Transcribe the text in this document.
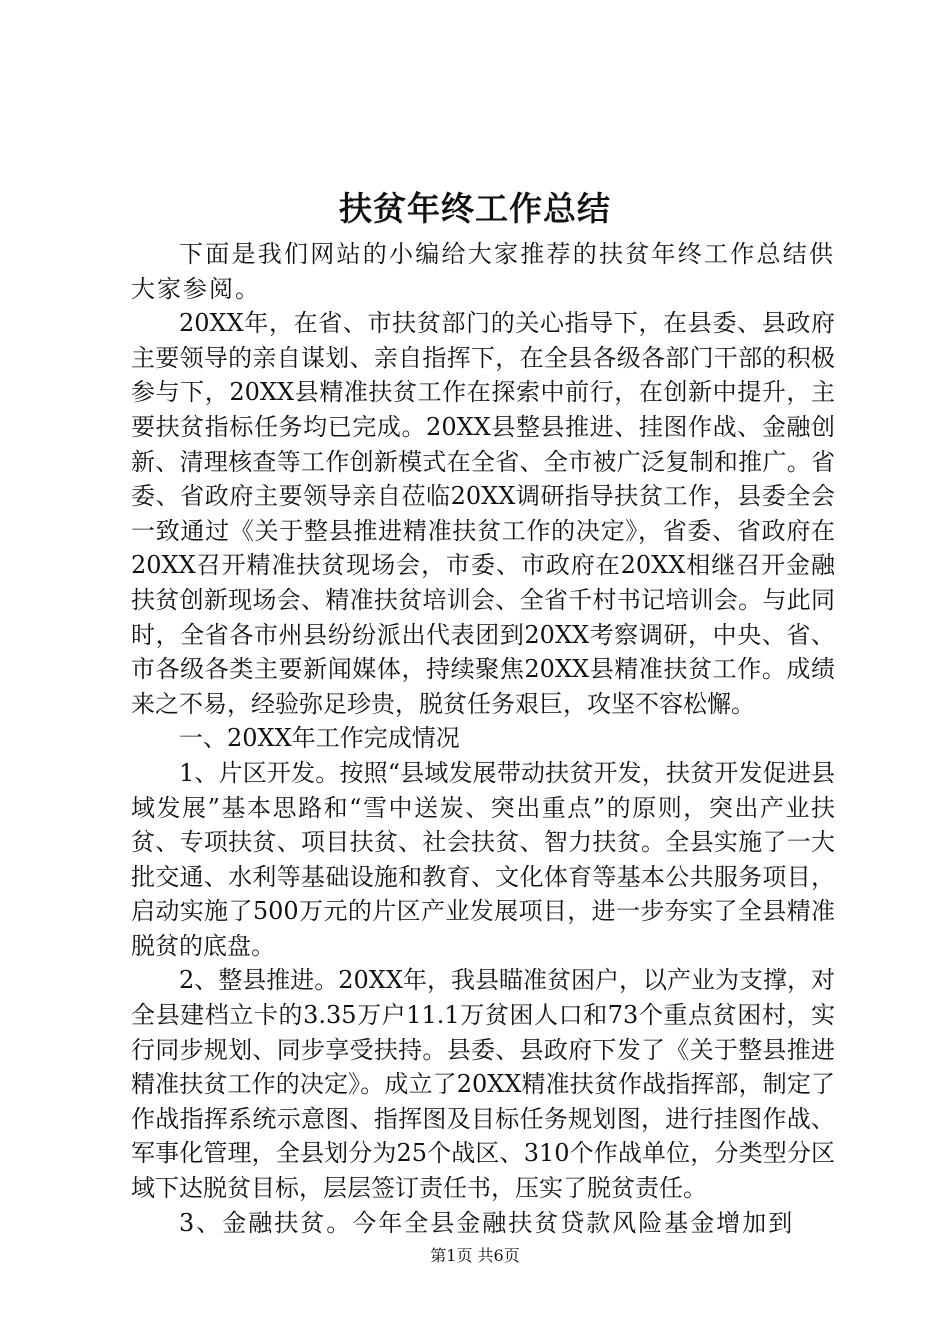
扶贫年终工作总结

下面是我们网站的小编给大家推荐的扶贫年终工作总结供大家参阅。

20XX年，在省、市扶贫部门的关心指导下，在县委、县政府主要领导的亲自谋划、亲自指挥下，在全县各级各部门干部的积极参与下，20XX县精准扶贫工作在探索中前行，在创新中提升，主要扶贫指标任务均已完成。20XX县整县推进、挂图作战、金融创新、清理核查等工作创新模式在全省、全市被广泛复制和推广。省委、省政府主要领导亲自莅临20XX调研指导扶贫工作，县委全会一致通过《关于整县推进精准扶贫工作的决定》，省委、省政府在20XX召开精准扶贫现场会，市委、市政府在20XX相继召开金融扶贫创新现场会、精准扶贫培训会、全省千村书记培训会。与此同时，全省各市州县纷纷派出代表团到20XX考察调研，中央、省、市各级各类主要新闻媒体，持续聚焦20XX县精准扶贫工作。成绩来之不易，经验弥足珍贵，脱贫任务艰巨，攻坚不容松懈。

一、20XX年工作完成情况

1、片区开发。按照“县域发展带动扶贫开发，扶贫开发促进县域发展”基本思路和“雪中送炭、突出重点”的原则，突出产业扶贫、专项扶贫、项目扶贫、社会扶贫、智力扶贫。全县实施了一大批交通、水利等基础设施和教育、文化体育等基本公共服务项目，启动实施了500万元的片区产业发展项目，进一步夯实了全县精准脱贫的底盘。

2、整县推进。20XX年，我县瞄准贫困户，以产业为支撑，对全县建档立卡的3.35万户11.1万贫困人口和73个重点贫困村，实行同步规划、同步享受扶持。县委、县政府下发了《关于整县推进精准扶贫工作的决定》。成立了20XX精准扶贫作战指挥部，制定了作战指挥系统示意图、指挥图及目标任务规划图，进行挂图作战、军事化管理，全县划分为25个战区、310个作战单位，分类型分区域下达脱贫目标，层层签订责任书，压实了脱贫责任。

3、金融扶贫。今年全县金融扶贫贷款风险基金增加到

第1页 共6页
